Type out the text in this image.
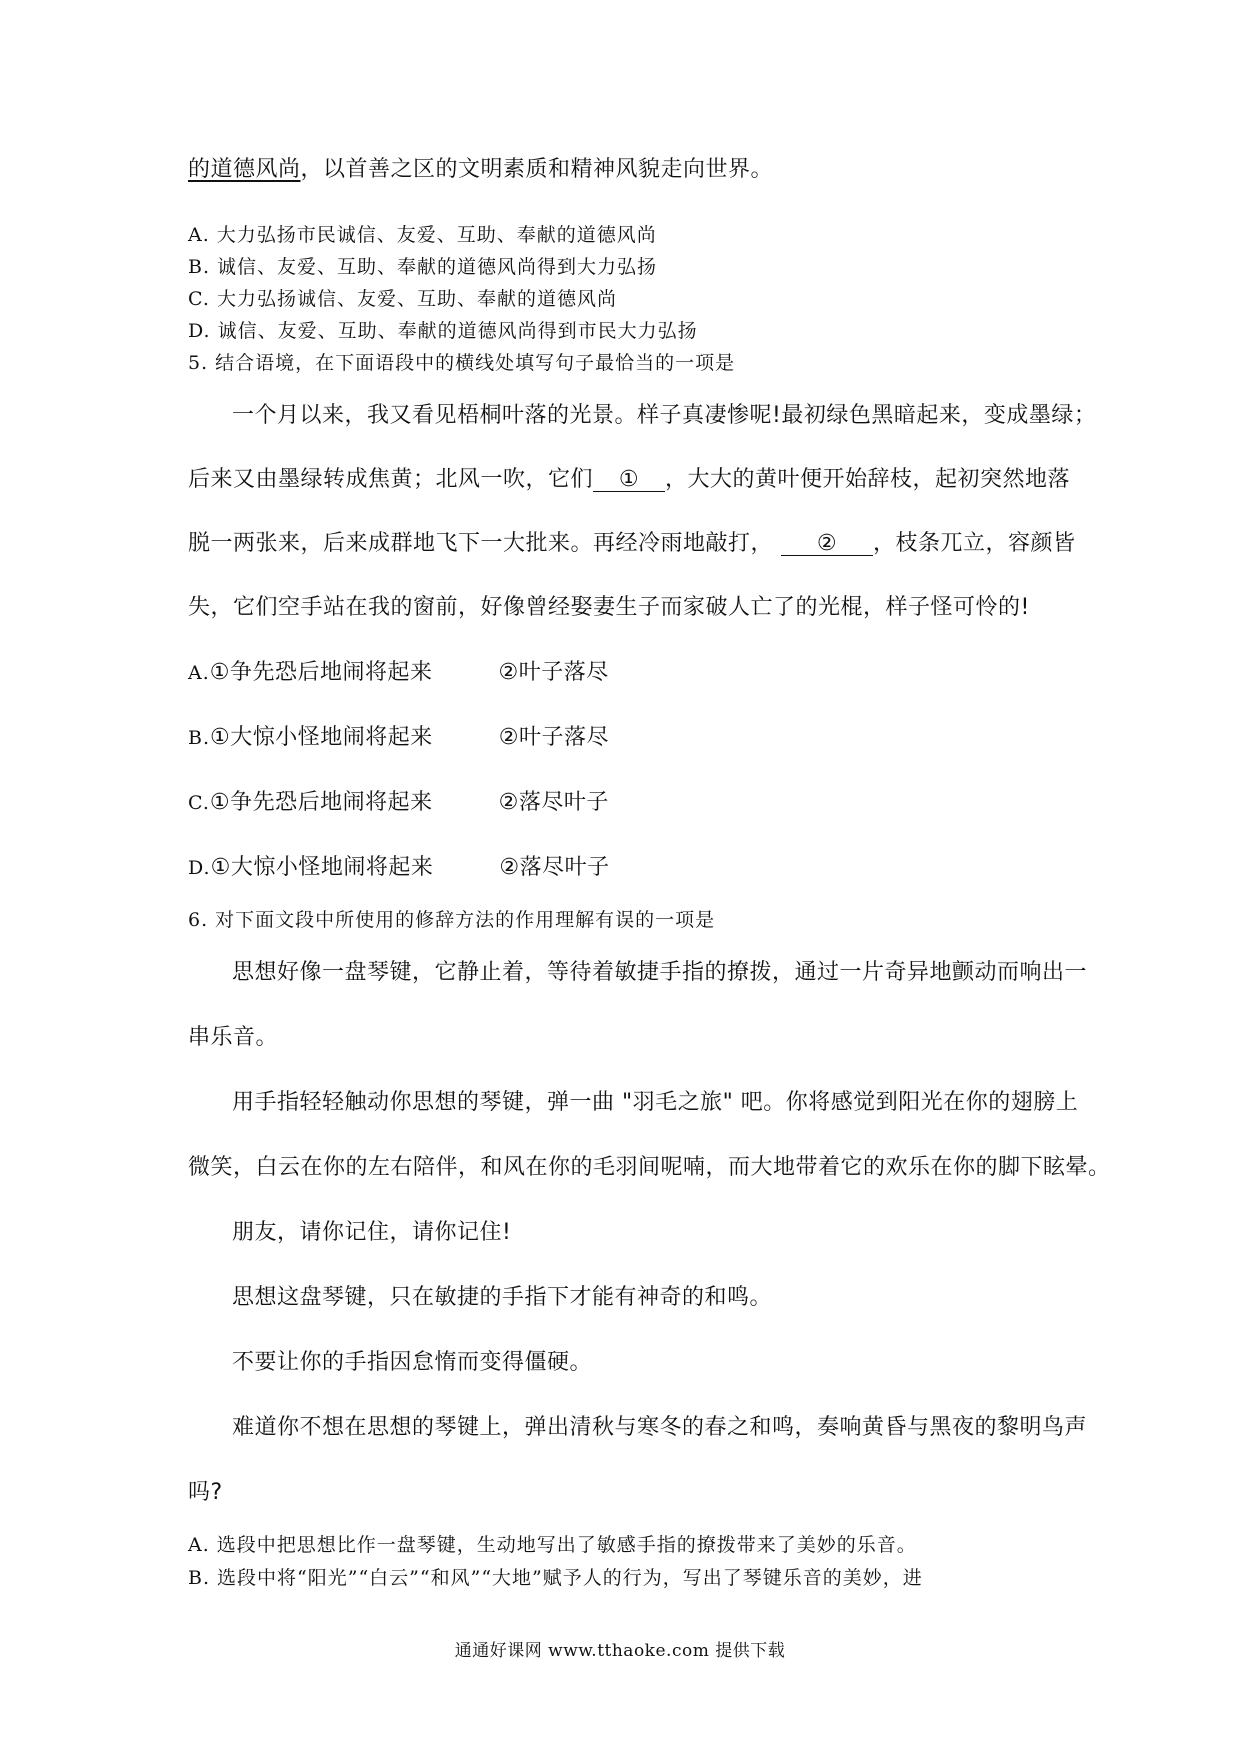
的道德风尚，以首善之区的文明素质和精神风貌走向世界。
A. 大力弘扬市民诚信、友爱、互助、奉献的道德风尚
B. 诚信、友爱、互助、奉献的道德风尚得到大力弘扬
C. 大力弘扬诚信、友爱、互助、奉献的道德风尚
D. 诚信、友爱、互助、奉献的道德风尚得到市民大力弘扬
5. 结合语境，在下面语段中的横线处填写句子最恰当的一项是
一个月以来，我又看见梧桐叶落的光景。样子真凄惨呢!最初绿色黑暗起来，变成墨绿；
后来又由墨绿转成焦黄；北风一吹，它们 ① ，大大的黄叶便开始辞枝，起初突然地落
脱一两张来，后来成群地飞下一大批来。再经冷雨地敲打， ② ，枝条兀立，容颜皆
失，它们空手站在我的窗前，好像曾经娶妻生子而家破人亡了的光棍，样子怪可怜的!
A.①争先恐后地闹将起来	②叶子落尽
B.①大惊小怪地闹将起来	②叶子落尽
C.①争先恐后地闹将起来	②落尽叶子
D.①大惊小怪地闹将起来	②落尽叶子
6. 对下面文段中所使用的修辞方法的作用理解有误的一项是
思想好像一盘琴键，它静止着，等待着敏捷手指的撩拨，通过一片奇异地颤动而响出一
串乐音。
用手指轻轻触动你思想的琴键，弹一曲 "羽毛之旅" 吧。你将感觉到阳光在你的翅膀上
微笑，白云在你的左右陪伴，和风在你的毛羽间呢喃，而大地带着它的欢乐在你的脚下眩晕。
朋友，请你记住，请你记住!
思想这盘琴键，只在敏捷的手指下才能有神奇的和鸣。
不要让你的手指因怠惰而变得僵硬。
难道你不想在思想的琴键上，弹出清秋与寒冬的春之和鸣，奏响黄昏与黑夜的黎明鸟声
吗?
A. 选段中把思想比作一盘琴键，生动地写出了敏感手指的撩拨带来了美妙的乐音。
B. 选段中将“阳光”“白云”“和风”“大地”赋予人的行为，写出了琴键乐音的美妙，进
通通好课网 www.tthaoke.com 提供下载
